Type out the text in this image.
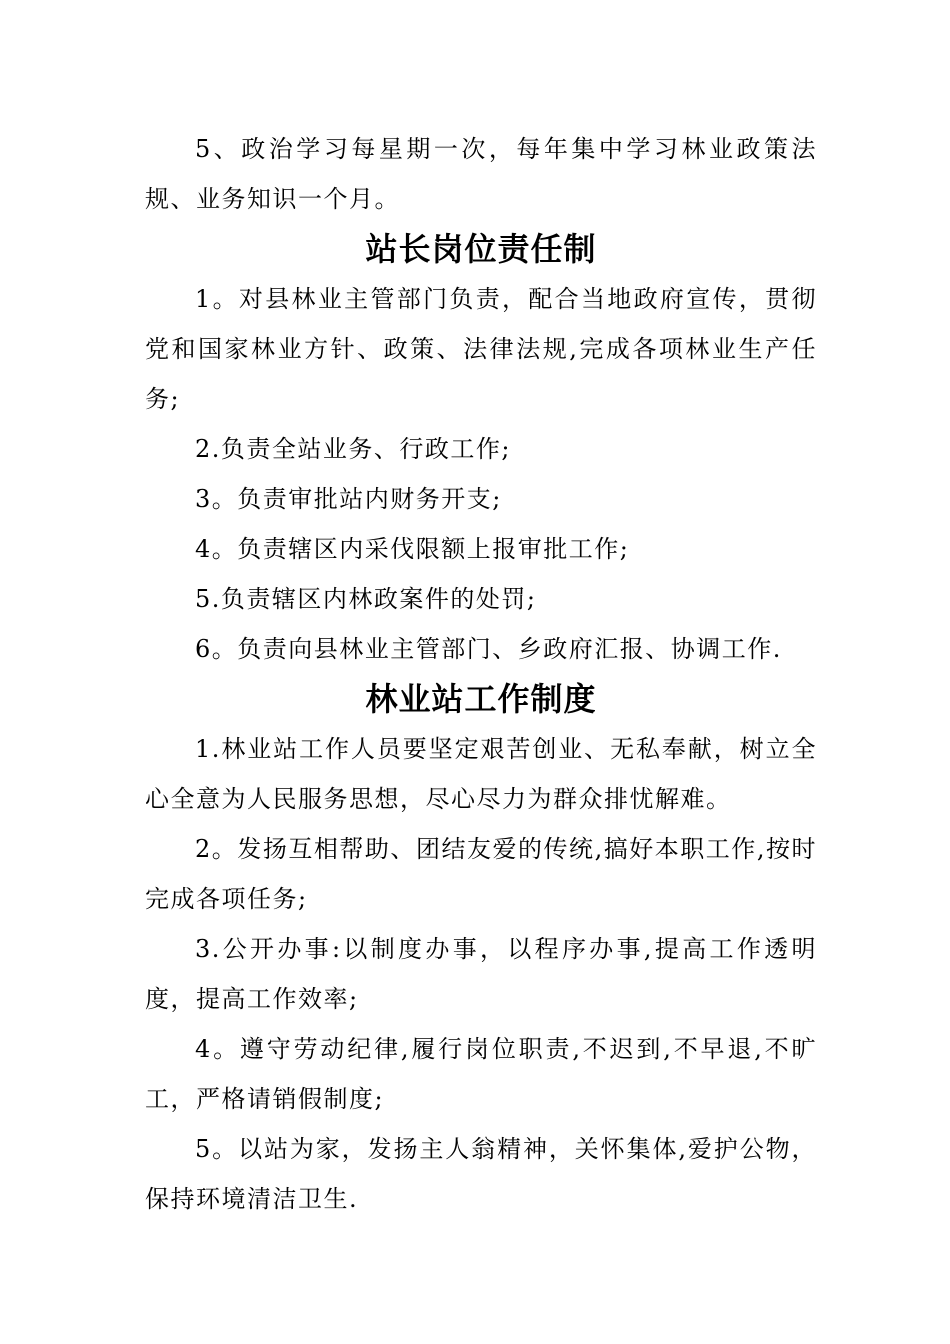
5、政治学习每星期一次，每年集中学习林业政策法规、业务知识一个月。

站长岗位责任制

1。对县林业主管部门负责，配合当地政府宣传，贯彻党和国家林业方针、政策、法律法规,完成各项林业生产任务;

2.负责全站业务、行政工作;

3。负责审批站内财务开支;

4。负责辖区内采伐限额上报审批工作;

5.负责辖区内林政案件的处罚;

6。负责向县林业主管部门、乡政府汇报、协调工作.

林业站工作制度

1.林业站工作人员要坚定艰苦创业、无私奉献，树立全心全意为人民服务思想，尽心尽力为群众排忧解难。

2。发扬互相帮助、团结友爱的传统,搞好本职工作,按时完成各项任务;

3.公开办事:以制度办事，以程序办事,提高工作透明度，提高工作效率;

4。遵守劳动纪律,履行岗位职责,不迟到,不早退,不旷工，严格请销假制度;

5。以站为家，发扬主人翁精神，关怀集体,爱护公物，保持环境清洁卫生.
